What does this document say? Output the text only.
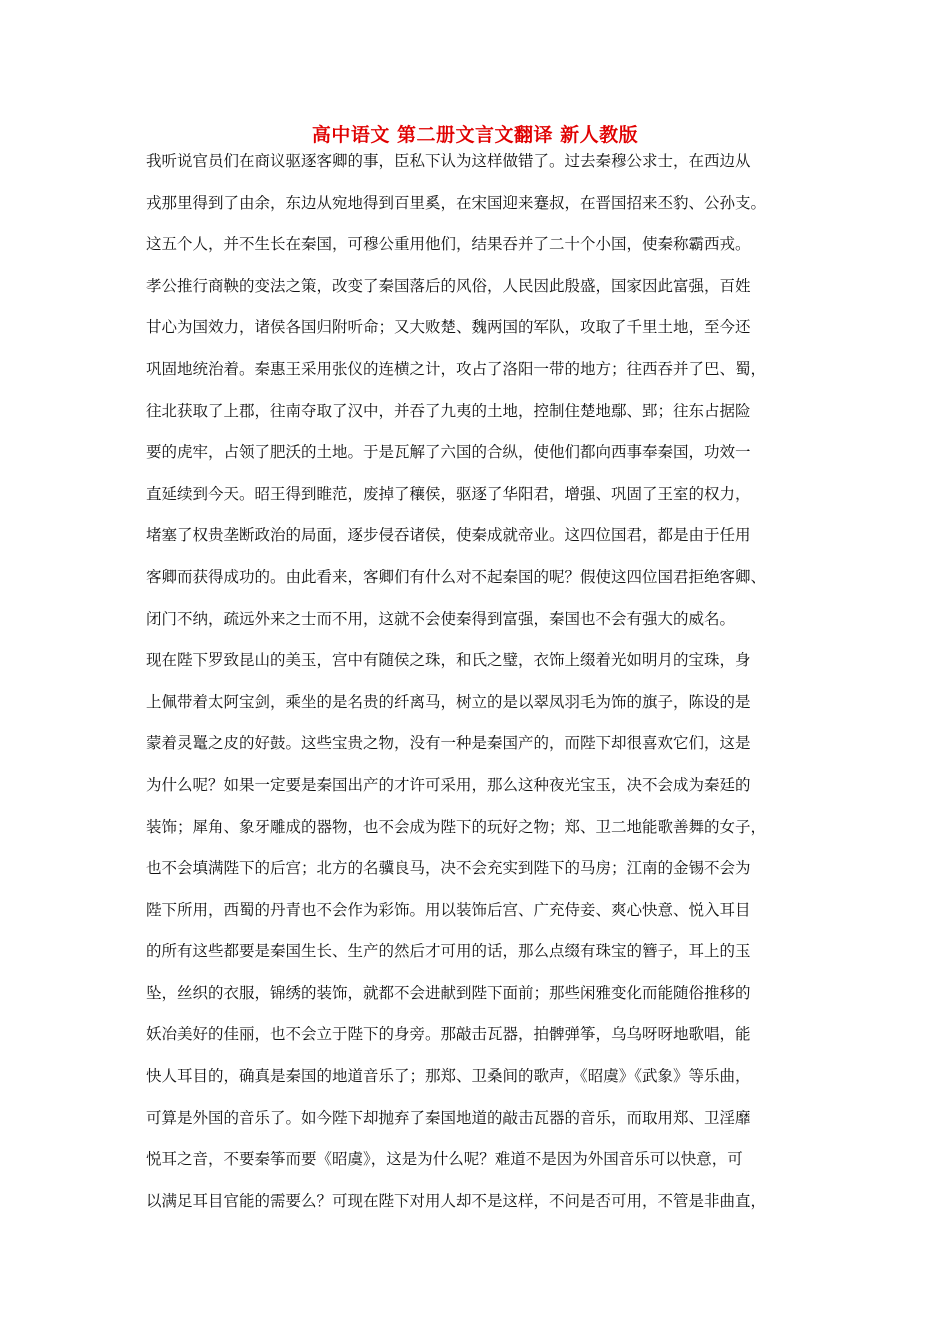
高中语文 第二册文言文翻译 新人教版
我听说官员们在商议驱逐客卿的事，臣私下认为这样做错了。过去秦穆公求士，在西边从
戎那里得到了由余，东边从宛地得到百里奚，在宋国迎来蹇叔，在晋国招来丕豹、公孙支。
这五个人，并不生长在秦国，可穆公重用他们，结果吞并了二十个小国，使秦称霸西戎。
孝公推行商鞅的变法之策，改变了秦国落后的风俗，人民因此殷盛，国家因此富强，百姓
甘心为国效力，诸侯各国归附听命；又大败楚、魏两国的军队，攻取了千里土地，至今还
巩固地统治着。秦惠王采用张仪的连横之计，攻占了洛阳一带的地方；往西吞并了巴、蜀，
往北获取了上郡，往南夺取了汉中，并吞了九夷的土地，控制住楚地鄢、郢；往东占据险
要的虎牢，占领了肥沃的土地。于是瓦解了六国的合纵，使他们都向西事奉秦国，功效一
直延续到今天。昭王得到睢范，废掉了穰侯，驱逐了华阳君，增强、巩固了王室的权力，
堵塞了权贵垄断政治的局面，逐步侵吞诸侯，使秦成就帝业。这四位国君，都是由于任用
客卿而获得成功的。由此看来，客卿们有什么对不起秦国的呢？假使这四位国君拒绝客卿、
闭门不纳，疏远外来之士而不用，这就不会使秦得到富强，秦国也不会有强大的威名。
现在陛下罗致昆山的美玉，宫中有随侯之珠，和氏之璧，衣饰上缀着光如明月的宝珠，身
上佩带着太阿宝剑，乘坐的是名贵的纤离马，树立的是以翠凤羽毛为饰的旗子，陈设的是
蒙着灵鼍之皮的好鼓。这些宝贵之物，没有一种是秦国产的，而陛下却很喜欢它们，这是
为什么呢？如果一定要是秦国出产的才许可采用，那么这种夜光宝玉，决不会成为秦廷的
装饰；犀角、象牙雕成的器物，也不会成为陛下的玩好之物；郑、卫二地能歌善舞的女子，
也不会填满陛下的后宫；北方的名骥良马，决不会充实到陛下的马房；江南的金锡不会为
陛下所用，西蜀的丹青也不会作为彩饰。用以装饰后宫、广充侍妾、爽心快意、悦入耳目
的所有这些都要是秦国生长、生产的然后才可用的话，那么点缀有珠宝的簪子，耳上的玉
坠，丝织的衣服，锦绣的装饰，就都不会进献到陛下面前；那些闲雅变化而能随俗推移的
妖冶美好的佳丽，也不会立于陛下的身旁。那敲击瓦器，拍髀弹筝，乌乌呀呀地歌唱，能
快人耳目的，确真是秦国的地道音乐了；那郑、卫桑间的歌声，《昭虞》《武象》等乐曲，
可算是外国的音乐了。如今陛下却抛弃了秦国地道的敲击瓦器的音乐，而取用郑、卫淫靡
悦耳之音，不要秦筝而要《昭虞》，这是为什么呢？难道不是因为外国音乐可以快意，可
以满足耳目官能的需要么？可现在陛下对用人却不是这样，不问是否可用，不管是非曲直，
